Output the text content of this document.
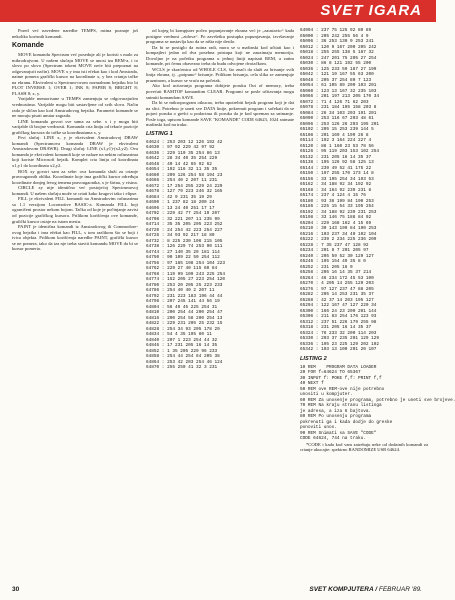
SVET IGARA

Pored već navedene naredbe TEMPS, rutina poznaje još nekoliko korisnih komandi.

Komande

MOVE komandu Spectrum već poseduje ali je koristi s malo za mikrodrajvom. U našem slučaju MOVE se unosi iza REM-a, i to slovo po slovo (Spectrum tokeni MOVE neće biti prepoznat na odgovarajući način). MOVE x y ima isti efekat kao i kod Amstrada, naime pomera grafički kursor na koordinate x, y bez crtanja tačke na ekranu. Ekvivalent u Spectrum-ovom normalnom bejziku bio bi PLOT INVERSE 1; OVER 1; INK 8; PAPER 8; BRIGHT 8; FLASH 8; x, y.

Varijable memorisane u TEMPS zamenjuju se odgovarajućim vrednostima. Varijable mogu biti sastavljene od svih slova. Način rada je sličan kao kod Amstradovog bejzika. Parametri komande se ne moraju pisati unutar zagrada.

LINE komanda govori sve sama za sebe. x i y mogu biti varijable ili brojne vrednosti. Komanda crta liniju od tekuće pozicije grafičkog kursora do tačke sa koordinatama x, y.

Prvi slučaj: LINE x, y je ekvivalent Amstradovoj DRAW komandi (Spectrumova komanda DRAW je ekvivalent Amstradovom DRAWR). Drugi slučaj: LINE (x1,y1)-(x2,y2). Ova komanda je ekvivalent komandi koje se nalaze na nekim računarima koji koriste Microsoft bejzik. Komplet crta liniju od koordinata x1,y1 do koordinata x2,y2.

BOX xy govori sam za sebe: ova komanda služi za crtanje pravougaonih oblika. Koordinate koje ima grafički kursor određuju koordinate donjeg levog temena pravougaonika, x je širina, y visina.

CIRCLE xy nije identično već postojećoj Spectrumovoj komandi. U našem slučaju može se crtati kako krugovi tako i elipse.

FILL je ekvivalent FILL komandi na Amstradovim računarima sa 1.1 verzijom Locomotive BASIC-a. Komanda FILL boji ograničeni prostor nekom bojom. Tačka od koje je počinjanje zavisi od pozicije grafičkog kursora. Prilikom korišćenja ove komande, grafički kursor ostaje na istom mestu.

PAINT je identična komandi iz Amstradovog ili Commodore-ovog bejzika i ima efekat kao FILL, s tom razlikom što se boji i ivica objekta. Prilikom korišćenja naredbe PAINT, grafički kursor se ne pomera, tako da iza nje treba staviti komandu MOVE da bi se kursor pomerio.

od kojeg bi kompjuter počeo popunjavanje ekrana već je „zaustavio“ kada postigne vrednost „zidova“. Po završetku postupka popunjavanja, izvršavanje programa se nastavlja kao da se ništa nije desilo.

Da bi se postiglo da rutina radi, mora se u mašinski kod učitati kao i kompajleri jedan od dva posebna pristupa koji ne zauzimaju memoriju. Dovoljno je na početku programa u jednoj liniji napisati REM, a zatim komande, pri čemu obavezno treba da budu odvojene dvotačkom.

WCLS je skraćenica od WHOLE CLS, što znači da služi za brisanje svih linija ekrana, tj. „potpuno“ brisanje. Prilikom brisanja, cela slika se zamenjuje prazninom, a kursor se vraća na početak.

Ako kod ucitavanja programa dobijete poruku Out of memory, treba povećati RAMTOP komandom CLEAR. Programi se posle učitavanja mogu snimiti komandom SAVE.

Da bi se mikroprogram otkucao, treba upotrebiti bejzik program koji je dat na slici. Potrebno je uneti sve DATA linije, pokrenuti program i sačekati da se pojavi poruka o grešci u podacima ili poruka da je kod spreman za snimanje. Posle toga, upisom komande SAVE "KOMANDE" CODE 64623, 1024 snimate mašinski kod na traku.

LISTING 1
64624 : 253 203 12 126 192 42
64630 : 97 92 229 42 97 92
64636 : 229 110 35 254 86 13
64642 : 28 34 40 35 254 229
64648 : 40 14 42 65 92 62
64654 : 192 116 32 11 35 35
64660 : 209 126 254 58 194 23
64666 : 254 40 2 207 11 231
64672 : 17 254 255 229 24 229
64678 : 127 79 223 246 32 165
64684 : 42 9 231 35 19 29
64690 : 1 237 82 18 200 24
64696 : 13 24 40 251 17 17
64702 : 229 42 77 254 19 207
64708 : 32 221 207 11 235 99
64714 : 35 35 205 205 223 252
64720 : 24 254 42 223 254 227
64726 : 34 93 92 217 18 80
64732 : 8 225 230 106 215 105
64738 : 126 229 74 253 90 111
64744 : 27 140 35 29 181 114
64750 : 90 109 22 50 254 112
64756 : 97 185 198 254 104 223
64762 : 229 27 40 115 60 84
64768 : 119 99 109 243 225 254
64774 : 152 205 27 223 254 120
64780 : 253 20 205 25 223 233
64786 : 254 40 40 2 207 11
64792 : 231 223 183 196 44 44
64798 : 207 245 141 44 56 19
64804 : 56 49 45 225 254 31
64810 : 200 254 44 200 254 47
64816 : 200 254 58 200 254 13
64822 : 229 231 205 25 232 15
64828 : 254 34 93 205 178 29
64834 : 54 4 35 195 80 11
64840 : 207 1 223 254 44 32
64846 : 17 231 205 16 14 35
64852 : 1 35 205 229 96 233
64858 : 254 44 254 84 205 38
64864 : 253 42 203 254 46 124
64870 : 255 250 41 32 3 231
64994 : 237 75 125 92 80 89
65000 : 205 242 255 56 4 9
65006 : 36 253 130 9 253 241
65012 : 120 9 167 200 205 242
65018 : 255 255 138 5 167 32
65024 : 247 201 75 205 27 254
65030 : 86 8 121 192 55 200
65036 : 125 233 59 187 27 199
65042 : 121 19 167 55 63 200
65048 : 205 37 254 80 7 123
65054 : 61 105 89 200 103 201
65060 : 123 13 167 32 235 103
65066 : 201 197 213 205 170 34
65072 : 71 4 126 71 62 203
65078 : 231 184 195 158 203 8
65084 : 26 34 103 203 191 201
65090 : 253 116 67 203 48 61
65096 : 253 126 26 203 195 201
65102 : 205 15 253 239 144 5
65108 : 201 169 4 199 26 8
65114 : 192 3 164 224 227 4
65120 : 88 1 160 23 53 78 56
65126 : 95 119 203 153 102 254
65132 : 231 205 16 14 35 37
65138 : 195 126 92 58 125 13
65144 : 239 49 52 41 175 22
65150 : 197 255 170 173 14 8
65156 : 33 195 254 34 193 53
65162 : 34 188 92 34 192 92
65168 : 34 164 92 239 231 8
65174 : 237 4 124 4 15 76
65180 : 93 36 199 84 190 253
65186 : 225 15 54 33 195 254
65192 : 34 188 92 239 231 253
65198 : 33 146 75 188 84 92
65204 : 229 168 162 4 15 69
65210 : 30 143 199 84 190 253
65216 : 103 237 34 40 102 104
65222 : 239 2 234 225 236 209
65228 : 7 35 237 47 128 92
65234 : 201 8 7 201 205 97
65240 : 205 59 52 30 129 127
65246 : 195 154 49 35 8 0
65252 : 231 205 16 0
65258 : 205 16 14 35 37 214
65264 : 46 234 172 45 53 100
65270 : 4 205 14 255 129 203
65276 : 97 127 237 47 88 205
65282 : 205 14 253 231 35 37
65288 : 42 37 14 203 195 127
65294 : 122 167 47 127 220 34
65300 : 166 24 23 200 201 144
65306 : 211 83 254 176 123 93
65312 : 237 51 226 179 255 98
65318 : 231 205 16 14 35 37
65324 : 76 233 32 200 114 203
65330 : 203 37 235 201 129 129
65336 : 195 23 225 129 202 102
65342 : 103 13 100 201 20 107
LISTING 2
10 REM    PROGRAM DATA LOADER
20 FOR f=64624 TO 65367
30 INPUT f: POKE f,f: PRINT f,f
40 NEXT f
50 REM ove REM-ove nije potrebno
unositi u kompjuter.
60 REM Za unosenje programa, potrebno je uneti sve brojeve.
70 REM Na kraju stranu listinga
je adresa, a iza 6 bajtova.
80 REM Po unosenju programa
pokrenuti ga i kada dodje do greske
ponoviti unos.
90 REM Snimati sa SAVE "CODE"
CODE 64624, 744 na traku.

*CODE i kada kod vam zatrebaju neke od dodatnih komandi za crtanje ukucajte: spektrno RANDOMIZE USR 64624.

30	SVET KOMPJUTERA / FEBRUAR '89.
